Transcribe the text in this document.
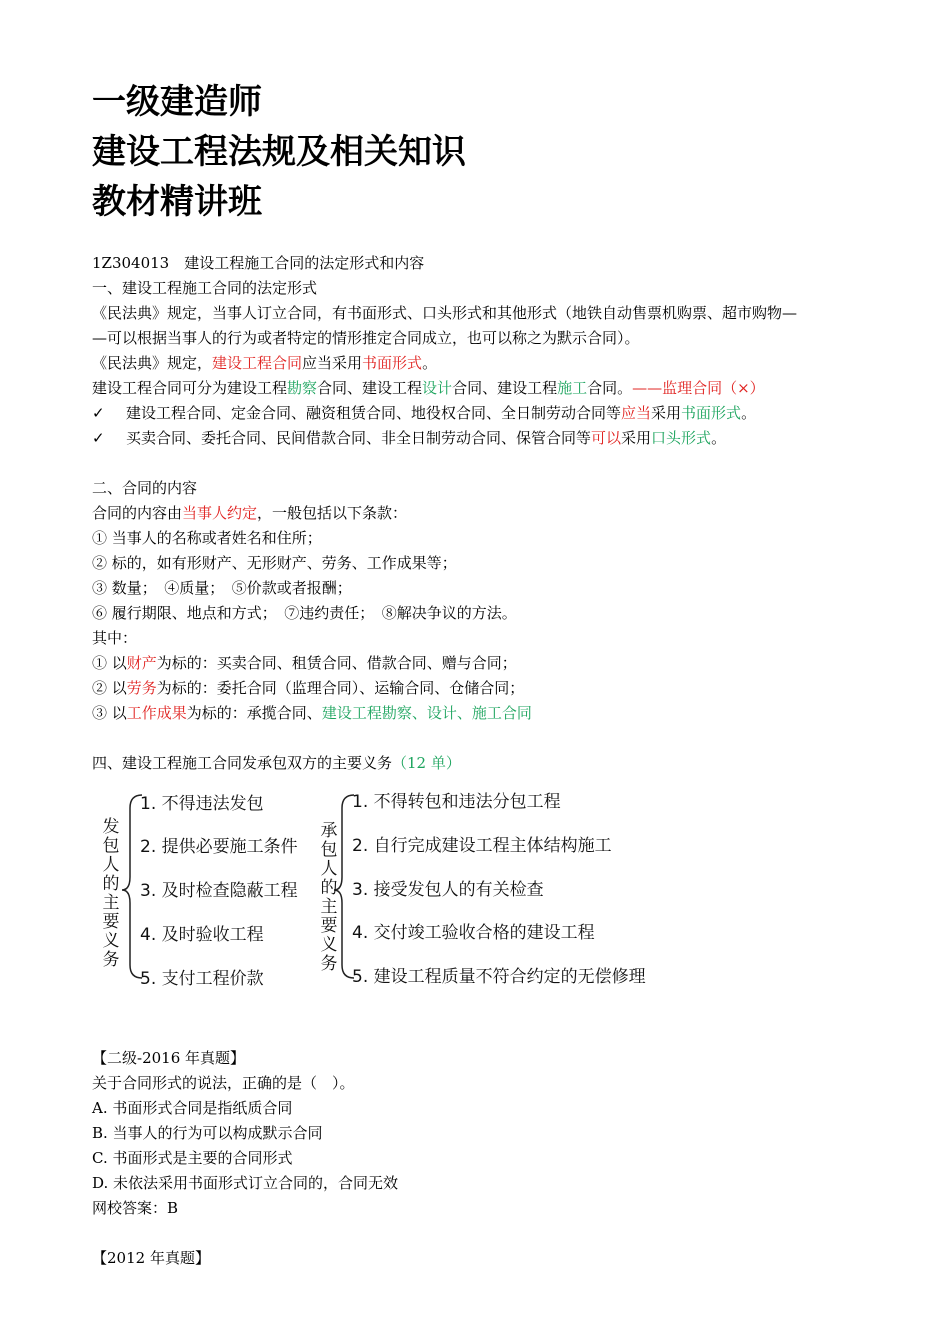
一级建造师
建设工程法规及相关知识
教材精讲班
1Z304013　建设工程施工合同的法定形式和内容
一、建设工程施工合同的法定形式
《民法典》规定，当事人订立合同，有书面形式、口头形式和其他形式（地铁自动售票机购票、超市购物—
—可以根据当事人的行为或者特定的情形推定合同成立，也可以称之为默示合同）。
《民法典》规定，建设工程合同应当采用书面形式。
建设工程合同可分为建设工程勘察合同、建设工程设计合同、建设工程施工合同。——监理合同（×）
✓ 建设工程合同、定金合同、融资租赁合同、地役权合同、全日制劳动合同等应当采用书面形式。
✓ 买卖合同、委托合同、民间借款合同、非全日制劳动合同、保管合同等可以采用口头形式。
二、合同的内容
合同的内容由当事人约定，一般包括以下条款：
① 当事人的名称或者姓名和住所；
② 标的，如有形财产、无形财产、劳务、工作成果等；
③ 数量；　④质量；　⑤价款或者报酬；
⑥ 履行期限、地点和方式；　⑦违约责任；　⑧解决争议的方法。
其中：
① 以财产为标的：买卖合同、租赁合同、借款合同、赠与合同；
② 以劳务为标的：委托合同（监理合同）、运输合同、仓储合同；
③ 以工作成果为标的：承揽合同、建设工程勘察、设计、施工合同
四、建设工程施工合同发承包双方的主要义务（12 单）
发
包
人
的
主
要
义
务
承
包
人
的
主
要
义
务
1. 不得违法发包
2. 提供必要施工条件
3. 及时检查隐蔽工程
4. 及时验收工程
5. 支付工程价款
1. 不得转包和违法分包工程
2. 自行完成建设工程主体结构施工
3. 接受发包人的有关检查
4. 交付竣工验收合格的建设工程
5. 建设工程质量不符合约定的无偿修理
【二级-2016 年真题】
关于合同形式的说法，正确的是（　）。
A. 书面形式合同是指纸质合同
B. 当事人的行为可以构成默示合同
C. 书面形式是主要的合同形式
D. 未依法采用书面形式订立合同的，合同无效
网校答案：B
【2012 年真题】
